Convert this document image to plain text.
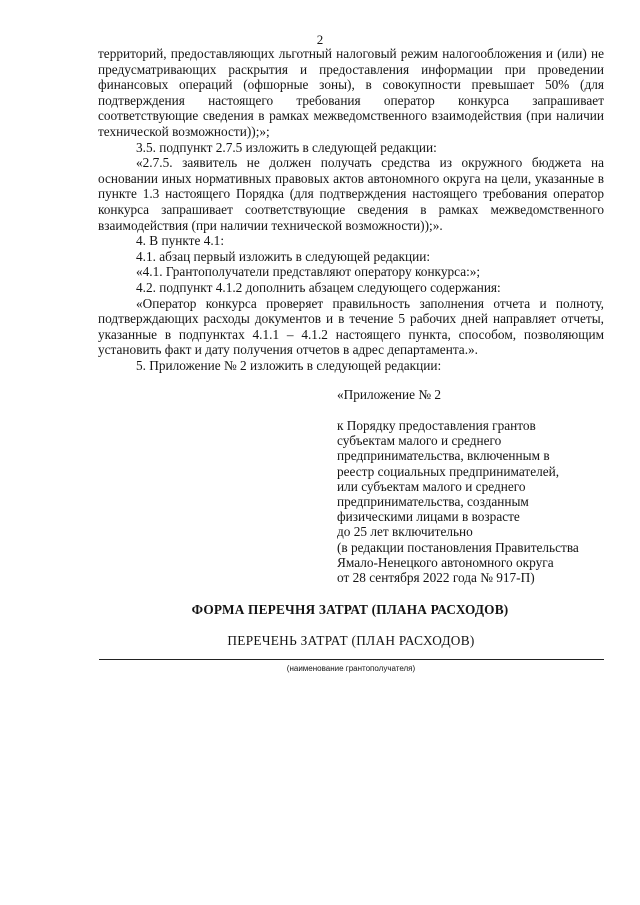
2

территорий, предоставляющих льготный налоговый режим налогообложения и (или) не предусматривающих раскрытия и предоставления информации при проведении финансовых операций (офшорные зоны), в совокупности превышает 50% (для подтверждения настоящего требования оператор конкурса запрашивает соответствующие сведения в рамках межведомственного взаимодействия (при наличии технической возможности));»;

3.5. подпункт 2.7.5 изложить в следующей редакции:

«2.7.5. заявитель не должен получать средства из окружного бюджета на основании иных нормативных правовых актов автономного округа на цели, указанные в пункте 1.3 настоящего Порядка (для подтверждения настоящего требования оператор конкурса запрашивает соответствующие сведения в рамках межведомственного взаимодействия (при наличии технической возможности));».

4. В пункте 4.1:

4.1. абзац первый изложить в следующей редакции:

«4.1. Грантополучатели представляют оператору конкурса:»;

4.2. подпункт 4.1.2 дополнить абзацем следующего содержания:

«Оператор конкурса проверяет правильность заполнения отчета и полноту, подтверждающих расходы документов и в течение 5 рабочих дней направляет отчеты, указанные в подпунктах 4.1.1 – 4.1.2 настоящего пункта, способом, позволяющим установить факт и дату получения отчетов в адрес департамента.».

5. Приложение № 2 изложить в следующей редакции:

«Приложение № 2
к Порядку предоставления грантов
субъектам малого и среднего
предпринимательства, включенным в
реестр социальных предпринимателей,
или субъектам малого и среднего
предпринимательства, созданным
физическими лицами в возрасте
до 25 лет включительно
(в редакции постановления Правительства
Ямало-Ненецкого автономного округа
от 28 сентября 2022 года № 917-П)
ФОРМА ПЕРЕЧНЯ ЗАТРАТ (ПЛАНА РАСХОДОВ)
ПЕРЕЧЕНЬ ЗАТРАТ (ПЛАН РАСХОДОВ)
(наименование грантополучателя)
